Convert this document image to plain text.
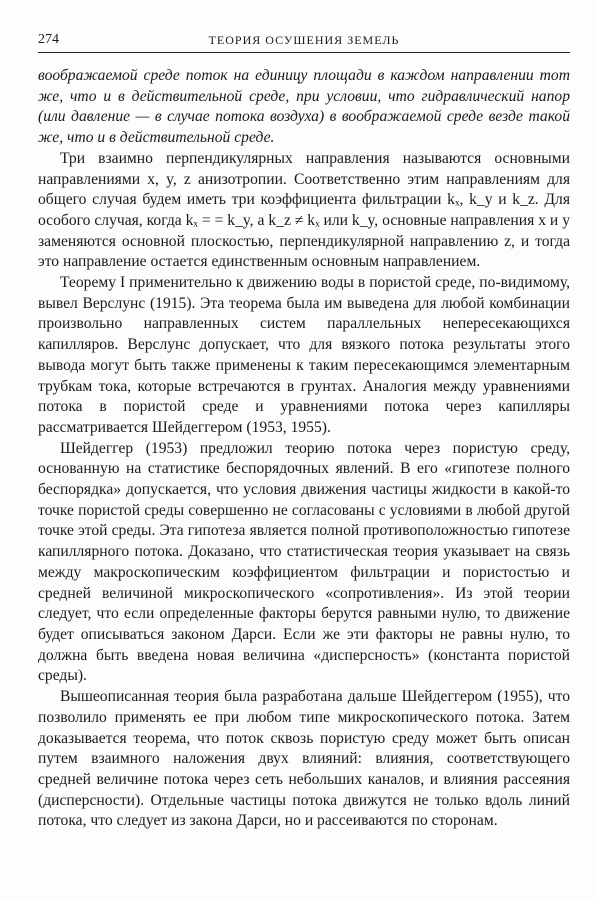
274	ТЕОРИЯ ОСУШЕНИЯ ЗЕМЕЛЬ

воображаемой среде поток на единицу площади в каждом направлении тот же, что и в действительной среде, при условии, что гидравлический напор (или давление — в случае потока воздуха) в воображаемой среде везде такой же, что и в действительной среде.

Три взаимно перпендикулярных направления называются основными направлениями x, y, z анизотропии. Соответственно этим направлениям для общего случая будем иметь три коэффициента фильтрации kₓ, k_y и k_z. Для особого случая, когда kₓ = = k_y, а k_z ≠ kₓ или k_y, основные направления x и y заменяются основной плоскостью, перпендикулярной направлению z, и тогда это направление остается единственным основным направлением.

Теорему I применительно к движению воды в пористой среде, по-видимому, вывел Верслунс (1915). Эта теорема была им выведена для любой комбинации произвольно направленных систем параллельных непересекающихся капилляров. Верслунс допускает, что для вязкого потока результаты этого вывода могут быть также применены к таким пересекающимся элементарным трубкам тока, которые встречаются в грунтах. Аналогия между уравнениями потока в пористой среде и уравнениями потока через капилляры рассматривается Шейдеггером (1953, 1955).

Шейдеггер (1953) предложил теорию потока через пористую среду, основанную на статистике беспорядочных явлений. В его «гипотезе полного беспорядка» допускается, что условия движения частицы жидкости в какой-то точке пористой среды совершенно не согласованы с условиями в любой другой точке этой среды. Эта гипотеза является полной противоположностью гипотезе капиллярного потока. Доказано, что статистическая теория указывает на связь между макроскопическим коэффициентом фильтрации и пористостью и средней величиной микроскопического «сопротивления». Из этой теории следует, что если определенные факторы берутся равными нулю, то движение будет описываться законом Дарси. Если же эти факторы не равны нулю, то должна быть введена новая величина «дисперсность» (константа пористой среды).

Вышеописанная теория была разработана дальше Шейдеггером (1955), что позволило применять ее при любом типе микроскопического потока. Затем доказывается теорема, что поток сквозь пористую среду может быть описан путем взаимного наложения двух влияний: влияния, соответствующего средней величине потока через сеть небольших каналов, и влияния рассеяния (дисперсности). Отдельные частицы потока движутся не только вдоль линий потока, что следует из закона Дарси, но и рассеиваются по сторонам.
